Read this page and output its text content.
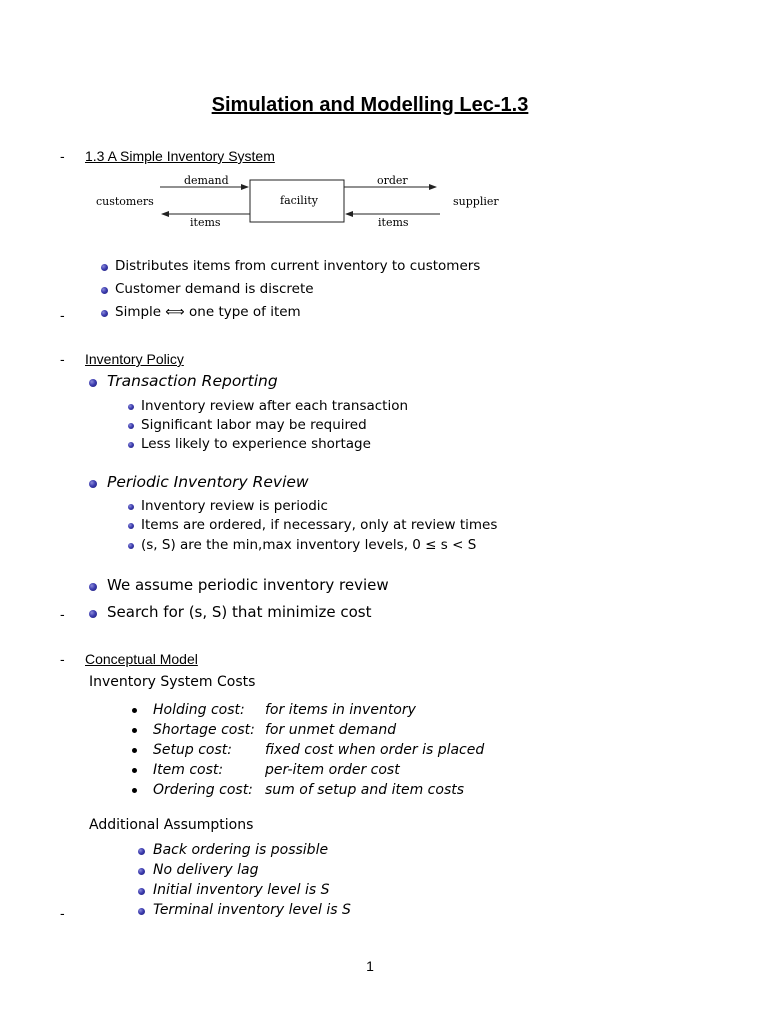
Simulation and Modelling Lec-1.3
- 1.3 A Simple Inventory System
customers	facility	supplier
demand	order
items	items
Distributes items from current inventory to customers
Customer demand is discrete
Simple ⟺ one type of item
-
- Inventory Policy
Transaction Reporting
Inventory review after each transaction
Significant labor may be required
Less likely to experience shortage
Periodic Inventory Review
Inventory review is periodic
Items are ordered, if necessary, only at review times
(s, S) are the min,max inventory levels, 0 ≤ s < S
We assume periodic inventory review
Search for (s, S) that minimize cost
-
- Conceptual Model
Inventory System Costs
Holding cost: for items in inventory
Shortage cost: for unmet demand
Setup cost: fixed cost when order is placed
Item cost:	per-item order cost
Ordering cost: sum of setup and item costs
Additional Assumptions
Back ordering is possible
No delivery lag
Initial inventory level is S
Terminal inventory level is S
-
1
